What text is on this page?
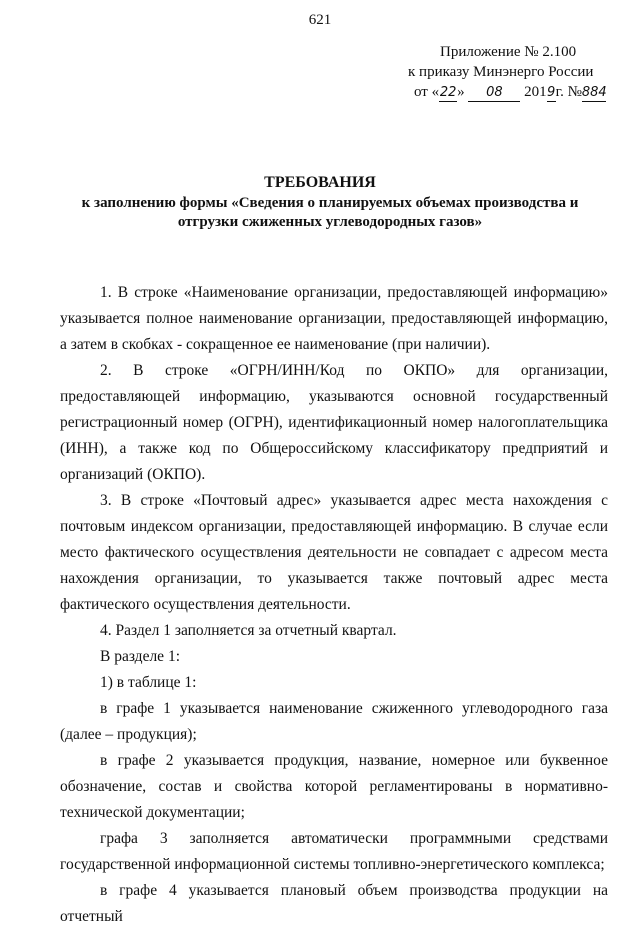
621
Приложение № 2.100
к приказу Минэнерго России
от «22» 08 2019г. №884
ТРЕБОВАНИЯ
к заполнению формы «Сведения о планируемых объемах производства и отгрузки сжиженных углеводородных газов»

1. В строке «Наименование организации, предоставляющей информацию» указывается полное наименование организации, предоставляющей информацию, а затем в скобках - сокращенное ее наименование (при наличии).

2. В строке «ОГРН/ИНН/Код по ОКПО» для организации, предоставляющей информацию, указываются основной государственный регистрационный номер (ОГРН), идентификационный номер налогоплательщика (ИНН), а также код по Общероссийскому классификатору предприятий и организаций (ОКПО).

3. В строке «Почтовый адрес» указывается адрес места нахождения с почтовым индексом организации, предоставляющей информацию. В случае если место фактического осуществления деятельности не совпадает с адресом места нахождения организации, то указывается также почтовый адрес места фактического осуществления деятельности.

4. Раздел 1 заполняется за отчетный квартал.

В разделе 1:

1) в таблице 1:

в графе 1 указывается наименование сжиженного углеводородного газа (далее – продукция);

в графе 2 указывается продукция, название, номерное или буквенное обозначение, состав и свойства которой регламентированы в нормативно-технической документации;

графа 3 заполняется автоматически программными средствами государственной информационной системы топливно-энергетического комплекса;

в графе 4 указывается плановый объем производства продукции на отчетный
